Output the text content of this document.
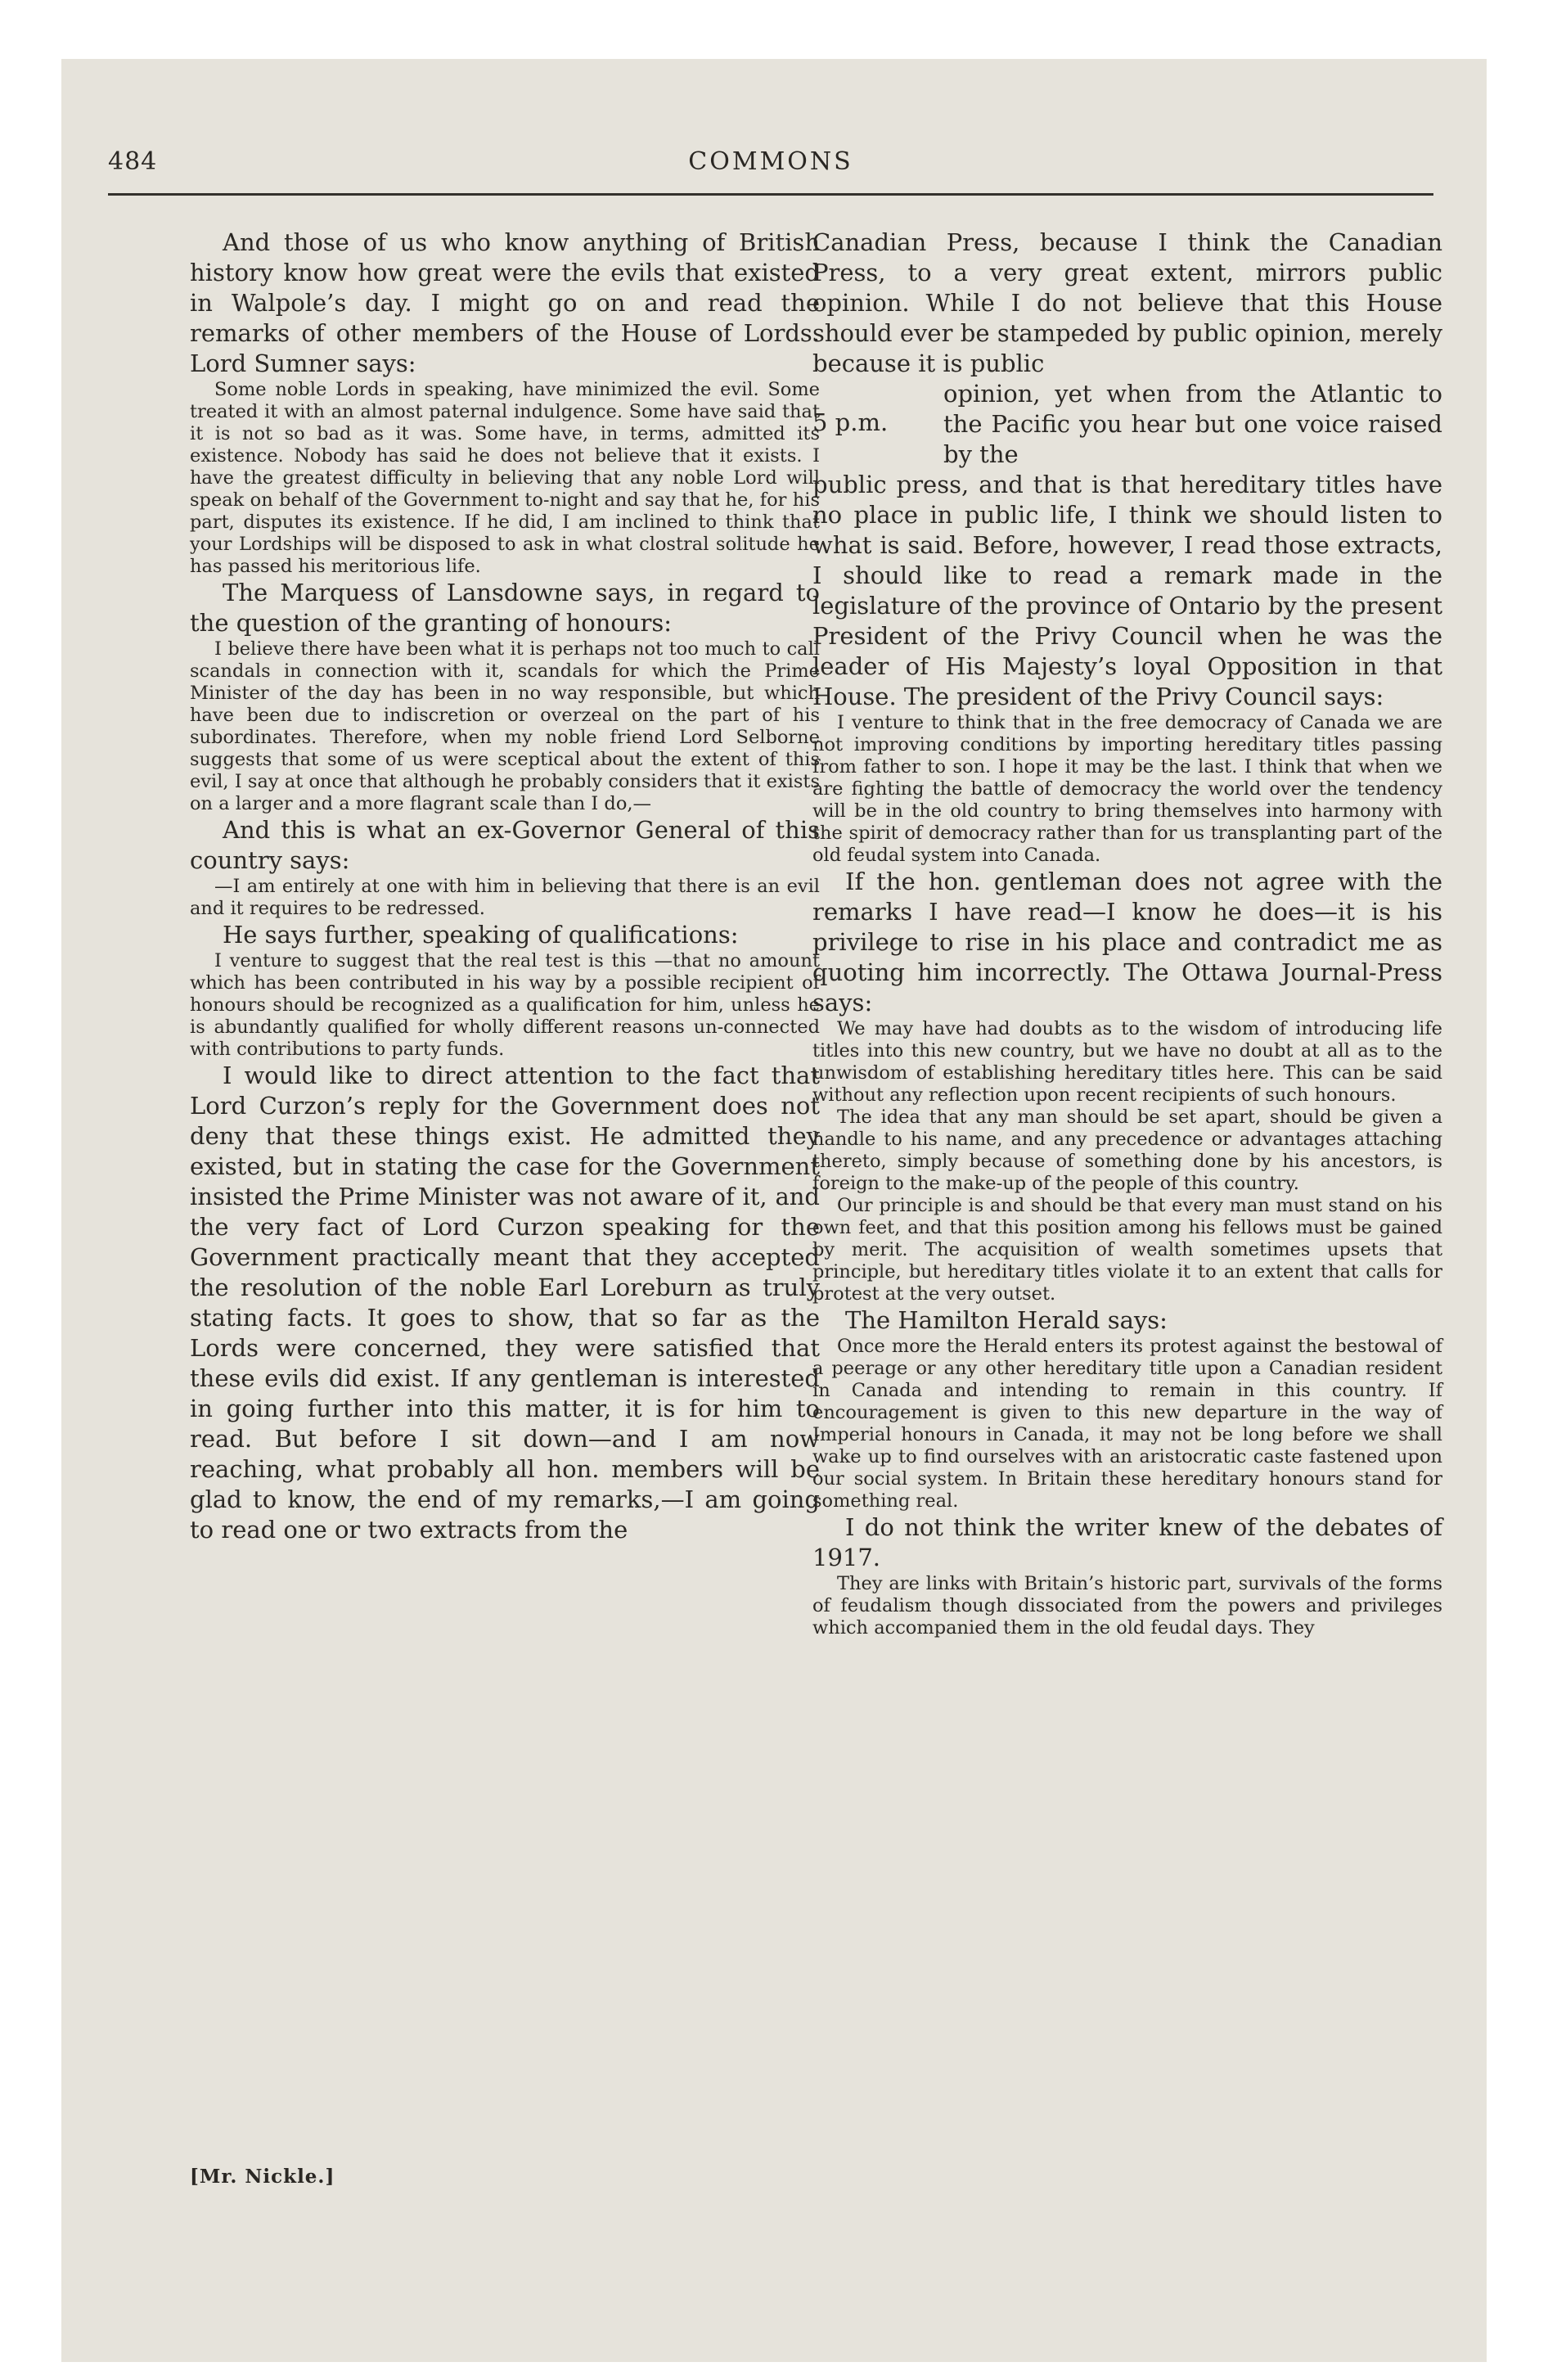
484	COMMONS

And those of us who know anything of British history know how great were the evils that existed in Walpole’s day. I might go on and read the remarks of other members of the House of Lords. Lord Sumner says:

Some noble Lords in speaking, have minimized the evil. Some treated it with an almost paternal indulgence. Some have said that it is not so bad as it was. Some have, in terms, admitted its existence. Nobody has said he does not believe that it exists. I have the greatest difficulty in believing that any noble Lord will speak on behalf of the Government to-night and say that he, for his part, disputes its existence. If he did, I am inclined to think that your Lordships will be disposed to ask in what clostral solitude he has passed his meritorious life.

The Marquess of Lansdowne says, in regard to the question of the granting of honours:

I believe there have been what it is perhaps not too much to call scandals in connection with it, scandals for which the Prime Minister of the day has been in no way responsible, but which have been due to indiscretion or overzeal on the part of his subordinates. Therefore, when my noble friend Lord Selborne suggests that some of us were sceptical about the extent of this evil, I say at once that although he probably considers that it exists on a larger and a more flagrant scale than I do,—

And this is what an ex-Governor General of this country says:

—I am entirely at one with him in believing that there is an evil and it requires to be redressed.

He says further, speaking of qualifications:

I venture to suggest that the real test is this —that no amount which has been contributed in his way by a possible recipient of honours should be recognized as a qualification for him, unless he is abundantly qualified for wholly different reasons un-connected with contributions to party funds.

I would like to direct attention to the fact that Lord Curzon’s reply for the Government does not deny that these things exist. He admitted they existed, but in stating the case for the Government insisted the Prime Minister was not aware of it, and the very fact of Lord Curzon speaking for the Government practically meant that they accepted the resolution of the noble Earl Loreburn as truly stating facts. It goes to show, that so far as the Lords were concerned, they were satisfied that these evils did exist. If any gentleman is interested in going further into this matter, it is for him to read. But before I sit down—and I am now reaching, what probably all hon. members will be glad to know, the end of my remarks,—I am going to read one or two extracts from the

5 p.m.

Canadian Press, because I think the Canadian Press, to a very great extent, mirrors public opinion. While I do not believe that this House should ever be stampeded by public opinion, merely because it is public

opinion, yet when from the Atlantic to the Pacific you hear but one voice raised by the

public press, and that is that hereditary titles have no place in public life, I think we should listen to what is said. Before, however, I read those extracts, I should like to read a remark made in the legislature of the province of Ontario by the present President of the Privy Council when he was the leader of His Majesty’s loyal Opposition in that House. The president of the Privy Council says:

I venture to think that in the free democracy of Canada we are not improving conditions by importing hereditary titles passing from father to son. I hope it may be the last. I think that when we are fighting the battle of democracy the world over the tendency will be in the old country to bring themselves into harmony with the spirit of democracy rather than for us transplanting part of the old feudal system into Canada.

If the hon. gentleman does not agree with the remarks I have read—I know he does—it is his privilege to rise in his place and contradict me as quoting him incorrectly. The Ottawa Journal-Press says:

We may have had doubts as to the wisdom of introducing life titles into this new country, but we have no doubt at all as to the unwisdom of establishing hereditary titles here. This can be said without any reflection upon recent recipients of such honours.

The idea that any man should be set apart, should be given a handle to his name, and any precedence or advantages attaching thereto, simply because of something done by his ancestors, is foreign to the make-up of the people of this country.

Our principle is and should be that every man must stand on his own feet, and that this position among his fellows must be gained by merit. The acquisition of wealth sometimes upsets that principle, but hereditary titles violate it to an extent that calls for protest at the very outset.

The Hamilton Herald says:

Once more the Herald enters its protest against the bestowal of a peerage or any other hereditary title upon a Canadian resident in Canada and intending to remain in this country. If encouragement is given to this new departure in the way of Imperial honours in Canada, it may not be long before we shall wake up to find ourselves with an aristocratic caste fastened upon our social system. In Britain these hereditary honours stand for something real.

I do not think the writer knew of the debates of 1917.

They are links with Britain’s historic part, survivals of the forms of feudalism though dissociated from the powers and privileges which accompanied them in the old feudal days. They

[Mr. Nickle.]
